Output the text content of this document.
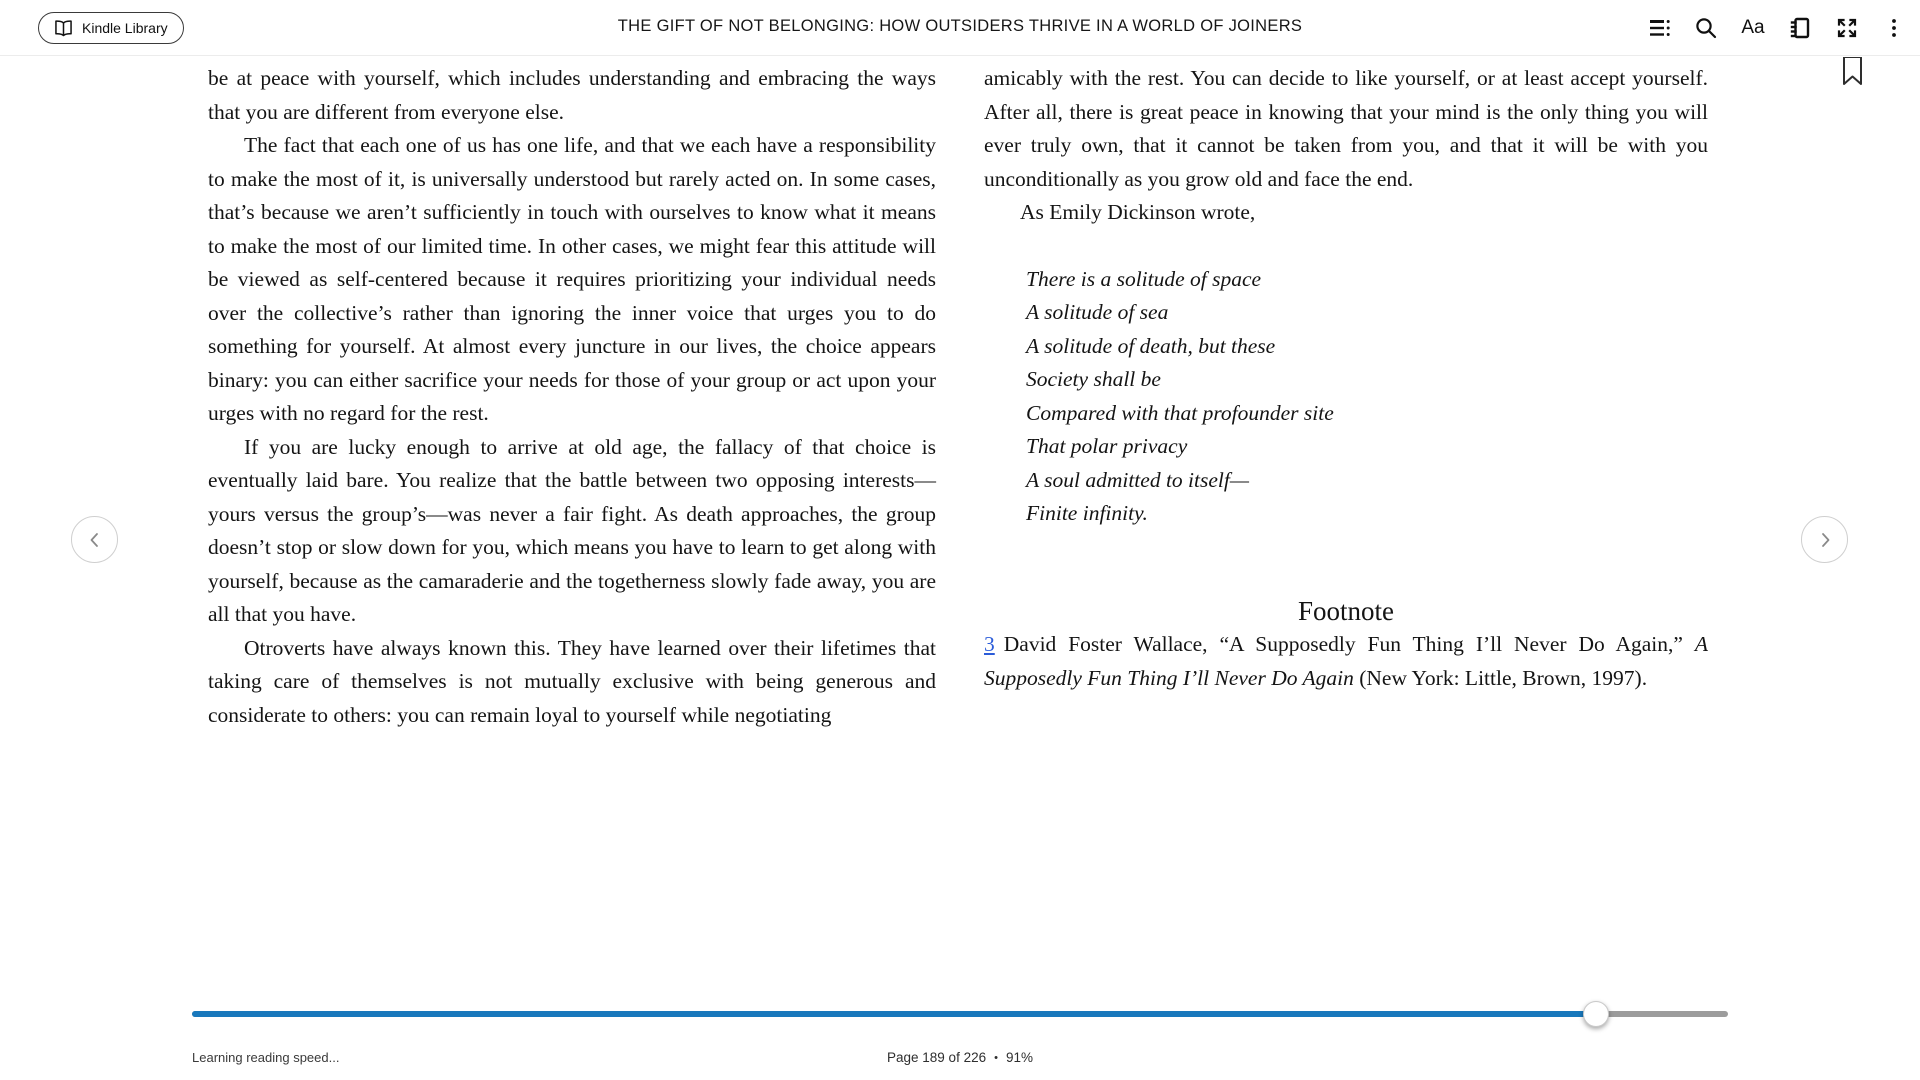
Kindle Library	THE GIFT OF NOT BELONGING: HOW OUTSIDERS THRIVE IN A WORLD OF JOINERS	Aa

be at peace with yourself, which includes understanding and embracing the ways that you are different from everyone else.

The fact that each one of us has one life, and that we each have a responsibility to make the most of it, is universally understood but rarely acted on. In some cases, that’s because we aren’t sufficiently in touch with ourselves to know what it means to make the most of our limited time. In other cases, we might fear this attitude will be viewed as self-centered because it requires prioritizing your individual needs over the collective’s rather than ignoring the inner voice that urges you to do something for yourself. At almost every juncture in our lives, the choice appears binary: you can either sacrifice your needs for those of your group or act upon your urges with no regard for the rest.

If you are lucky enough to arrive at old age, the fallacy of that choice is eventually laid bare. You realize that the battle between two opposing interests—yours versus the group’s—was never a fair fight. As death approaches, the group doesn’t stop or slow down for you, which means you have to learn to get along with yourself, because as the camaraderie and the togetherness slowly fade away, you are all that you have.

Otroverts have always known this. They have learned over their lifetimes that taking care of themselves is not mutually exclusive with being generous and considerate to others: you can remain loyal to yourself while negotiating

amicably with the rest. You can decide to like yourself, or at least accept yourself. After all, there is great peace in knowing that your mind is the only thing you will ever truly own, that it cannot be taken from you, and that it will be with you unconditionally as you grow old and face the end.

As Emily Dickinson wrote,

There is a solitude of space

A solitude of sea

A solitude of death, but these

Society shall be

Compared with that profounder site

That polar privacy

A soul admitted to itself—

Finite infinity.

Footnote

3 David Foster Wallace, “A Supposedly Fun Thing I’ll Never Do Again,” A Supposedly Fun Thing I’ll Never Do Again (New York: Little, Brown, 1997).

Learning reading speed...	Page 189 of 226 • 91%
